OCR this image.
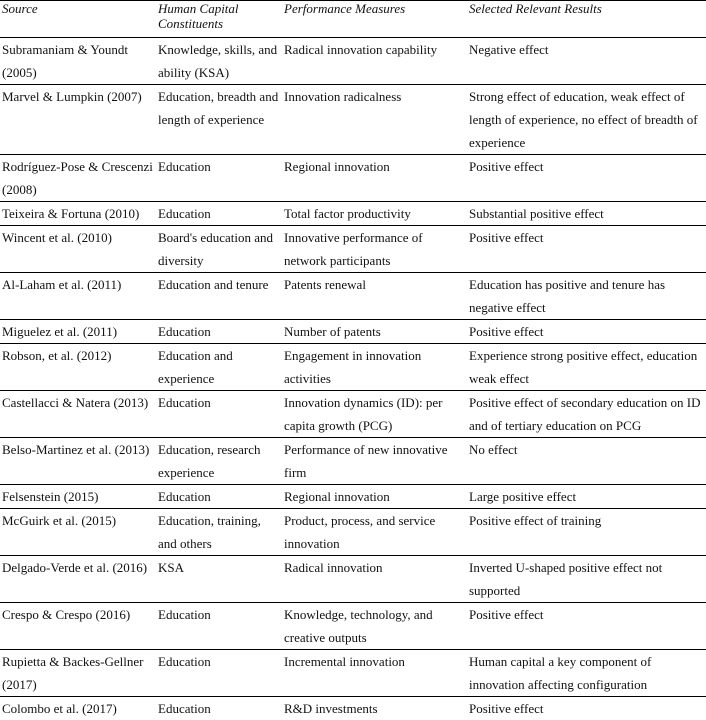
Source	Human Capital Constituents	Performance Measures	Selected Relevant Results
Subramaniam & Youndt (2005)	Knowledge, skills, and ability (KSA)	Radical innovation capability	Negative effect
Marvel & Lumpkin (2007)	Education, breadth and length of experience	Innovation radicalness	Strong effect of education, weak effect of length of experience, no effect of breadth of experience
Rodríguez-Pose & Crescenzi (2008)	Education	Regional innovation	Positive effect
Teixeira & Fortuna (2010)	Education	Total factor productivity	Substantial positive effect
Wincent et al. (2010)	Board's education and diversity	Innovative performance of network participants	Positive effect
Al-Laham et al. (2011)	Education and tenure	Patents renewal	Education has positive and tenure has negative effect
Miguelez et al. (2011)	Education	Number of patents	Positive effect
Robson, et al. (2012)	Education and experience	Engagement in innovation activities	Experience strong positive effect, education weak effect
Castellacci & Natera (2013)	Education	Innovation dynamics (ID): per capita growth (PCG)	Positive effect of secondary education on ID and of tertiary education on PCG
Belso-Martinez et al. (2013)	Education, research experience	Performance of new innovative firm	No effect
Felsenstein (2015)	Education	Regional innovation	Large positive effect
McGuirk et al. (2015)	Education, training, and others	Product, process, and service innovation	Positive effect of training
Delgado-Verde et al. (2016)	KSA	Radical innovation	Inverted U-shaped positive effect not supported
Crespo & Crespo (2016)	Education	Knowledge, technology, and creative outputs	Positive effect
Rupietta & Backes-Gellner (2017)	Education	Incremental innovation	Human capital a key component of innovation affecting configuration
Colombo et al. (2017)	Education	R&D investments	Positive effect
